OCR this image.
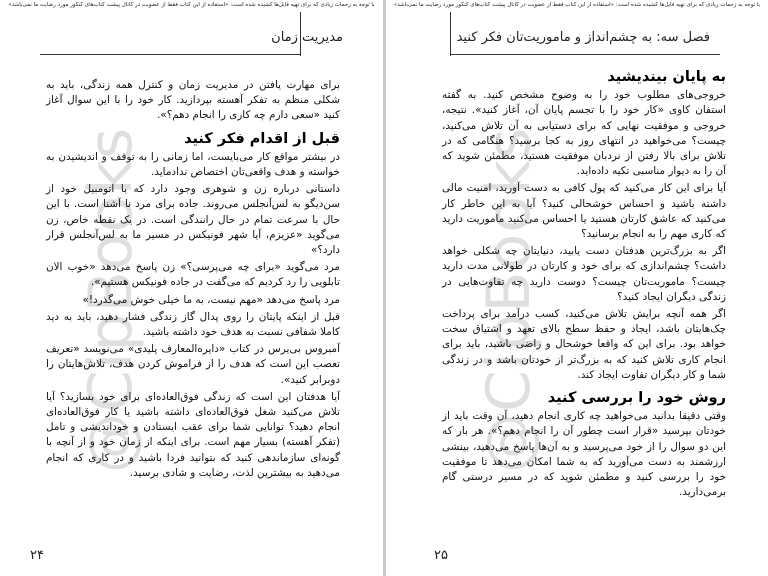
با توجه به زحمات زیادی که برای تهیه فایل‌ها کشیده شده است: «استفاده از این کتاب فقط از عضویت در کانال پیشت کتاب‌های کنکور مورد رضایت ما نمی‌باشد»
مدیریت زمان
@CipBooks

برای مهارت یافتن در مدیریت زمان و کنترل همه زندگی، باید به شکلی منظم به تفکر آهسته بپردازید. کار خود را با این سوال آغاز کنید «سعی دارم چه کاری را انجام دهم؟».

قبل از اقدام فکر کنید

در بیشتر مواقع کار می‌بایست، اما زمانی را به توقف و اندیشیدن به خواسته و هدف واقعی‌تان اختصاص ندادماید.

داستانی درباره زن و شوهری وجود دارد که با اتومبیل خود از سن‌دیگو به لس‌آنجلس می‌روند. جاده برای مرد نا آشنا است. با این حال با سرعت تمام در حال رانندگی است. در یک نقطه خاص، زن می‌گوید «عزیزم، آیا شهر فونیکس در مسیر ما به لس‌آنجلس قرار دارد؟»

مرد می‌گوید «برای چه می‌پرسی؟» زن پاسخ می‌دهد «خوب الان تابلویی را رد کردیم که می‌گفت در جاده فونیکس هستیم».

مرد پاسخ می‌دهد «مهم نیست، به ما خیلی خوش می‌گذرد!»

قبل از اینکه پایتان را روی پدال گاز زندگی فشار دهید، باید به دید کاملا شفافی نسبت به هدف خود داشته باشید.

آمبروس بی‌یرس در کتاب «دایره‌المعارف پلیدی» می‌نویسد «تعریف تعصب این است که هدف را از فراموش کردن هدف، تلاش‌هایتان را دوبرابر کنید».

آیا هدفتان این است که زندگی فوق‌العاده‌ای برای خود بسازید؟ آیا تلاش می‌کنید شغل فوق‌العاده‌ای داشته باشید یا کار فوق‌العاده‌ای انجام دهید؟ توانایی شما برای عقب ایستادن و خوداندیشی و تامل (تفکر آهسته) بسیار مهم است. برای اینکه از زمان خود و از آنچه با گونه‌ای سازماندهی کنید که بتوانید فردا باشید و در کاری که انجام می‌دهید به بیشترین لذت، رضایت و شادی برسید.

۲۴
با توجه به زحمات زیادی که برای تهیه فایل‌ها کشیده شده است: «استفاده از این کتاب فقط از عضویت در کانال پیشت کتاب‌های کنکور مورد رضایت ما نمی‌باشد»
فصل سه: به چشم‌انداز و ماموریت‌تان فکر کنید
@CipBooks
به پایان بیندیشید

خروجی‌های مطلوب خود را به وضوح مشخص کنید. به گفته استفان کاوی «کار خود را با تجسم پایان آن، آغاز کنید». نتیجه، خروجی و موفقیت نهایی که برای دستیابی به آن تلاش می‌کنید، چیست؟ می‌خواهید در انتهای روز به کجا برسید؟ هنگامی که در تلاش برای بالا رفتن از نردبان موفقیت هستید، مطمئن شوید که آن را به دیوار مناسبی تکیه داده‌اید.

آیا برای این کار می‌کنید که پول کافی به دست آورید، امنیت مالی داشته باشید و احساس خوشحالی کنید؟ آیا به این خاطر کار می‌کنید که عاشق کارتان هستید یا احساس می‌کنید ماموریت دارید که کاری مهم را به انجام برسانید؟

اگر به بزرگ‌ترین هدفتان دست یابید، دنیایتان چه شکلی خواهد داشت؟ چشم‌اندازی که برای خود و کارتان در طولانی مدت دارید چیست؟ ماموریت‌تان چیست؟ دوست دارید چه تفاوت‌هایی در زندگی دیگران ایجاد کنید؟

اگر همه آنچه برایش تلاش می‌کنید، کسب درآمد برای پرداخت چک‌هایتان باشد، ایجاد و حفظ سطح بالای تعهد و اشتیاق سخت خواهد بود. برای این که واقعا خوشحال و راضی باشید، باید برای انجام کاری تلاش کنید که به بزرگ‌تر از خودتان باشد و در زندگی شما و کار دیگران تفاوت ایجاد کند.

روش خود را بررسی کنید

وقتی دقیقا بدانید می‌خواهید چه کاری انجام دهید، آن وقت باید از خودتان بپرسید «قرار است چطور آن را انجام دهم؟». هر بار که این دو سوال را از خود می‌پرسید و به آن‌ها پاسخ می‌دهید، بینشی ارزشمند به دست می‌آورید که به شما امکان می‌دهد تا موفقیت خود را بررسی کنید و مطمئن شوید که در مسیر درستی گام برمی‌دارید.

۲۵
